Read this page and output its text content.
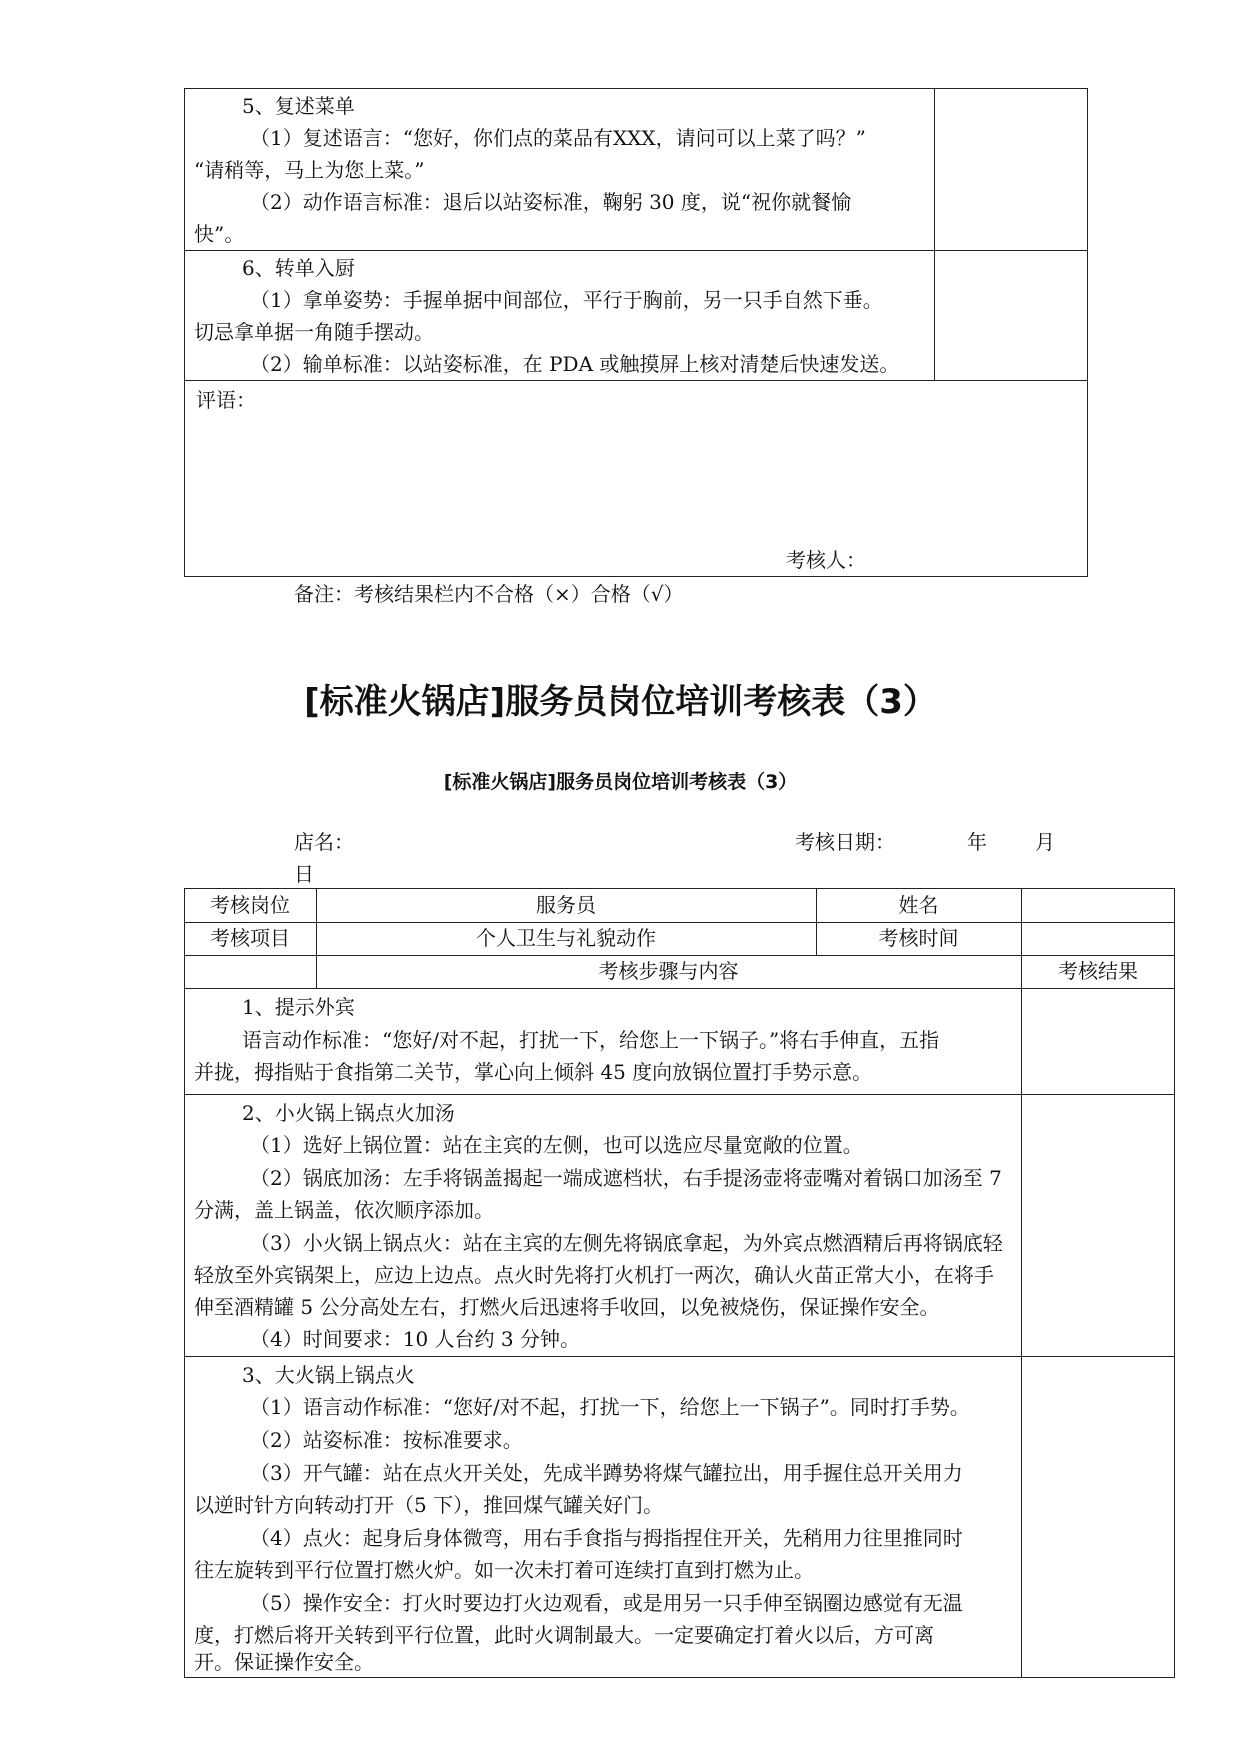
5、复述菜单
（1）复述语言：“您好，你们点的菜品有XXX，请问可以上菜了吗？”
“请稍等，马上为您上菜。”
（2）动作语言标准：退后以站姿标准，鞠躬 30 度，说“祝你就餐愉
快”。
6、转单入厨
（1）拿单姿势：手握单据中间部位，平行于胸前，另一只手自然下垂。
切忌拿单据一角随手摆动。
（2）输单标准：以站姿标准，在 PDA 或触摸屏上核对清楚后快速发送。
评语：
考核人：
备注：考核结果栏内不合格（×）合格（√）
[标准火锅店]服务员岗位培训考核表（3）
[标准火锅店]服务员岗位培训考核表（3）
店名：	考核日期：	年 月
日
考核岗位	服务员	姓名
考核项目	个人卫生与礼貌动作	考核时间
考核步骤与内容	考核结果
1、提示外宾
语言动作标准：“您好/对不起，打扰一下，给您上一下锅子。”将右手伸直，五指
并拢，拇指贴于食指第二关节，掌心向上倾斜 45 度向放锅位置打手势示意。
2、小火锅上锅点火加汤
（1）选好上锅位置：站在主宾的左侧，也可以选应尽量宽敞的位置。
（2）锅底加汤：左手将锅盖揭起一端成遮档状，右手提汤壶将壶嘴对着锅口加汤至 7
分满，盖上锅盖，依次顺序添加。
（3）小火锅上锅点火：站在主宾的左侧先将锅底拿起，为外宾点燃酒精后再将锅底轻
轻放至外宾锅架上，应边上边点。点火时先将打火机打一两次，确认火苗正常大小，在将手
伸至酒精罐 5 公分高处左右，打燃火后迅速将手收回，以免被烧伤，保证操作安全。
（4）时间要求：10 人台约 3 分钟。
3、大火锅上锅点火
（1）语言动作标准：“您好/对不起，打扰一下，给您上一下锅子”。同时打手势。
（2）站姿标准：按标准要求。
（3）开气罐：站在点火开关处，先成半蹲势将煤气罐拉出，用手握住总开关用力
以逆时针方向转动打开（5 下），推回煤气罐关好门。
（4）点火：起身后身体微弯，用右手食指与拇指捏住开关，先稍用力往里推同时
往左旋转到平行位置打燃火炉。如一次未打着可连续打直到打燃为止。
（5）操作安全：打火时要边打火边观看，或是用另一只手伸至锅圈边感觉有无温
度，打燃后将开关转到平行位置，此时火调制最大。一定要确定打着火以后，方可离
开。保证操作安全。
